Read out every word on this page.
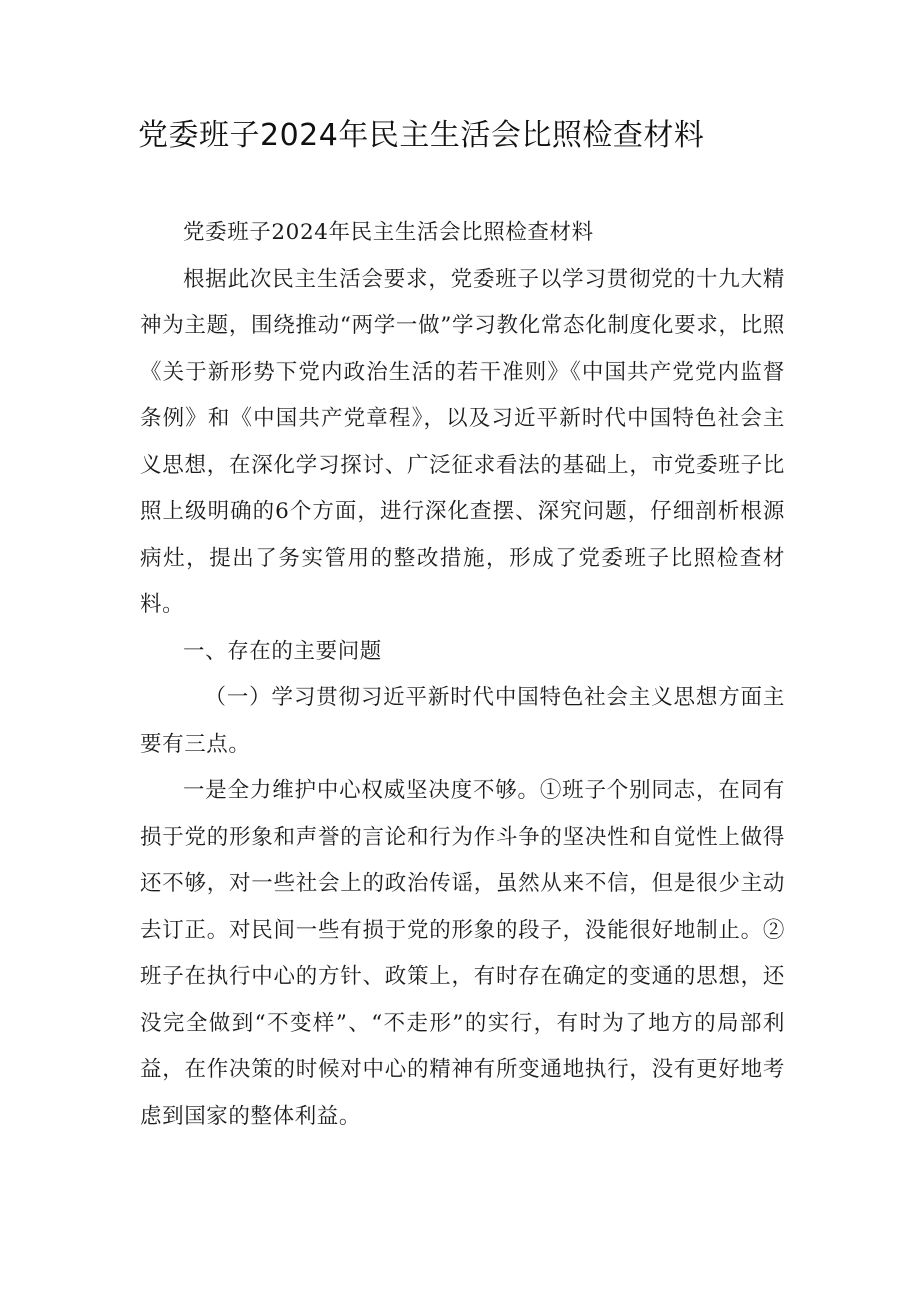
党委班子2024年民主生活会比照检查材料

党委班子2024年民主生活会比照检查材料

根据此次民主生活会要求，党委班子以学习贯彻党的十九大精神为主题，围绕推动“两学一做”学习教化常态化制度化要求，比照《关于新形势下党内政治生活的若干准则》《中国共产党党内监督条例》和《中国共产党章程》，以及习近平新时代中国特色社会主义思想，在深化学习探讨、广泛征求看法的基础上，市党委班子比照上级明确的6个方面，进行深化查摆、深究问题，仔细剖析根源病灶，提出了务实管用的整改措施，形成了党委班子比照检查材料。

一、存在的主要问题

（一）学习贯彻习近平新时代中国特色社会主义思想方面主要有三点。

一是全力维护中心权威坚决度不够。①班子个别同志，在同有损于党的形象和声誉的言论和行为作斗争的坚决性和自觉性上做得还不够，对一些社会上的政治传谣，虽然从来不信，但是很少主动去订正。对民间一些有损于党的形象的段子，没能很好地制止。②班子在执行中心的方针、政策上，有时存在确定的变通的思想，还没完全做到“不变样”、“不走形”的实行，有时为了地方的局部利益，在作决策的时候对中心的精神有所变通地执行，没有更好地考虑到国家的整体利益。
